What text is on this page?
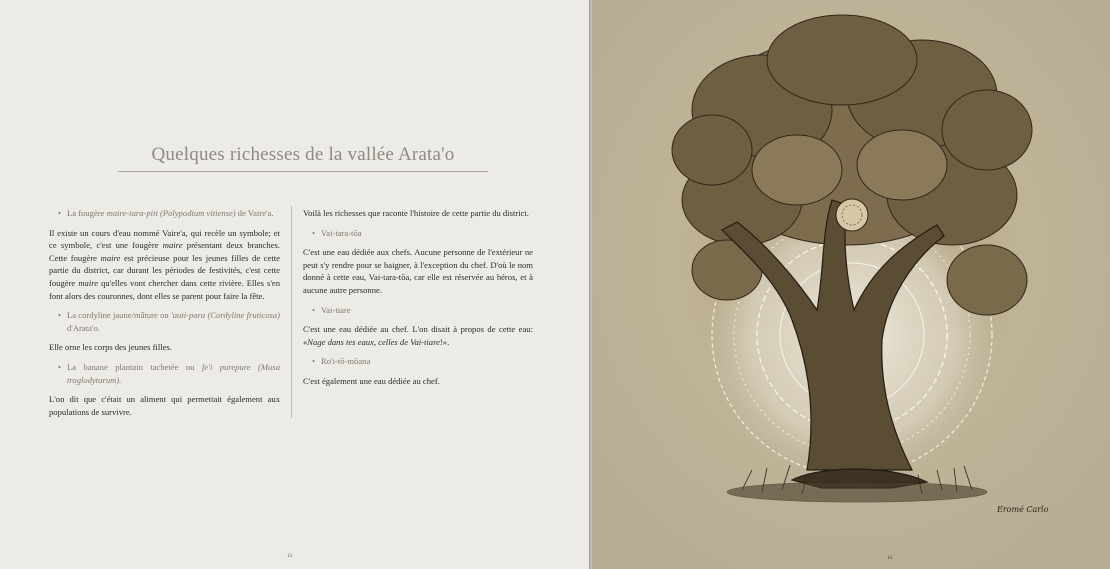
Quelques richesses de la vallée Arata'o
• La fougère maire-tara-piti (Polypodium vitiense) de Vaire'a.

Il existe un cours d'eau nommé Vaire'a, qui recèle un symbole; et ce symbole, c'est une fougère maire présentant deux branches. Cette fougère maire est précieuse pour les jeunes filles de cette partie du district, car durant les périodes de festivités, c'est cette fougère maire qu'elles vont chercher dans cette rivière. Elles s'en font alors des couronnes, dont elles se parent pour faire la fête.

• La cordyline jaune/mâture ou 'auti-para (Cordyline fruticosa) d'Arata'o.

Elle orne les corps des jeunes filles.

• La banane plantain tachetée ou fe'i purepure (Musa troglodytarum).

L'on dit que c'était un aliment qui permettait également aux populations de survivre.

Voilà les richesses que raconte l'histoire de cette partie du district.

• Vai-tara-tōa

C'est une eau dédiée aux chefs. Aucune personne de l'extérieur ne peut s'y rendre pour se baigner, à l'exception du chef. D'où le nom donné à cette eau, Vai-tara-tōa, car elle est réservée au héros, et à aucune autre personne.

• Vai-tiare

C'est une eau dédiée au chef. L'on disait à propos de cette eau: «Nage dans tes eaux, celles de Vai-tiare!».

• Ro'i-tō-mōana

C'est également une eau dédiée au chef.

13
Eromé Carlo
14
